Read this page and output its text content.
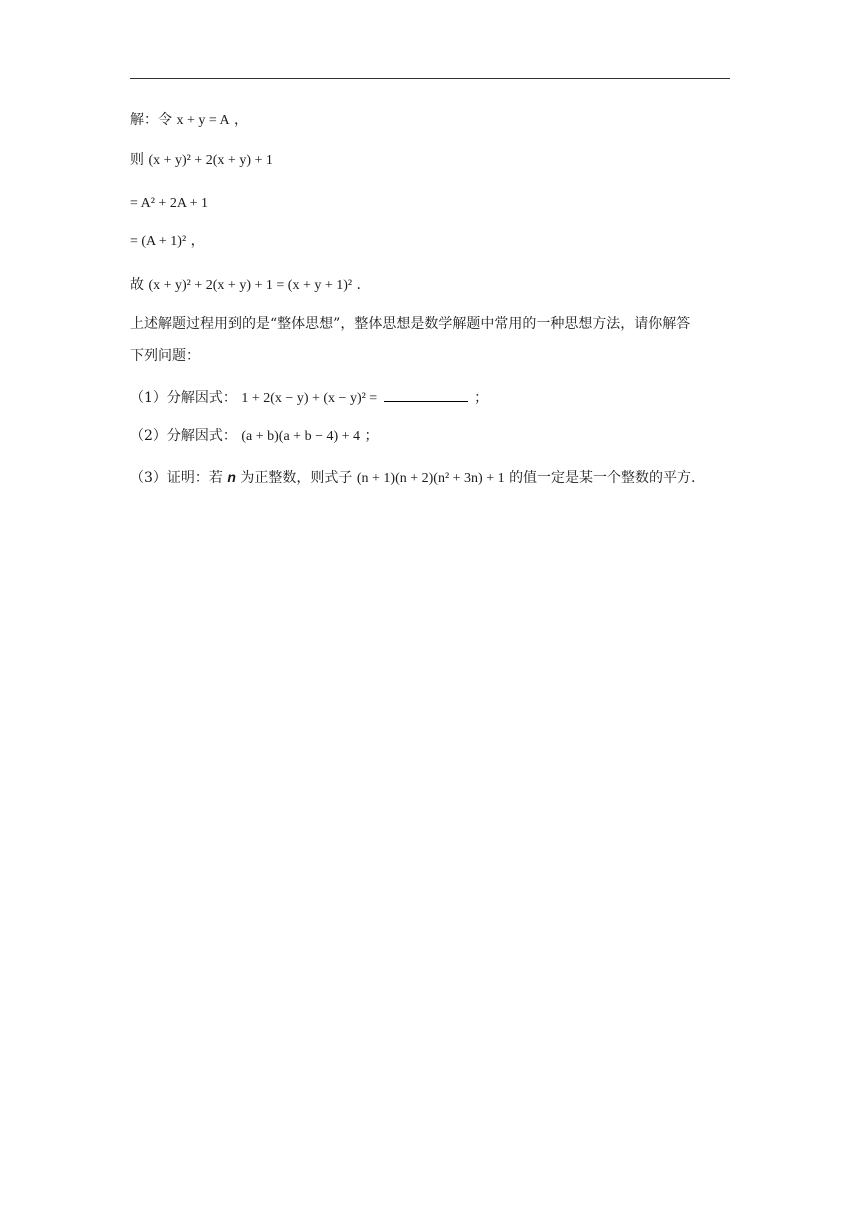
解：令 x + y = A ，
则 (x + y)² + 2(x + y) + 1
= A² + 2A + 1
= (A + 1)² ，
故 (x + y)² + 2(x + y) + 1 = (x + y + 1)² .
上述解题过程用到的是“整体思想”，整体思想是数学解题中常用的一种思想方法，请你解答
下列问题：
（1）分解因式： 1 + 2(x − y) + (x − y)² =	；
（2）分解因式： (a + b)(a + b − 4) + 4 ；
（3）证明：若 n 为正整数，则式子 (n + 1)(n + 2)(n² + 3n) + 1 的值一定是某一个整数的平方.
